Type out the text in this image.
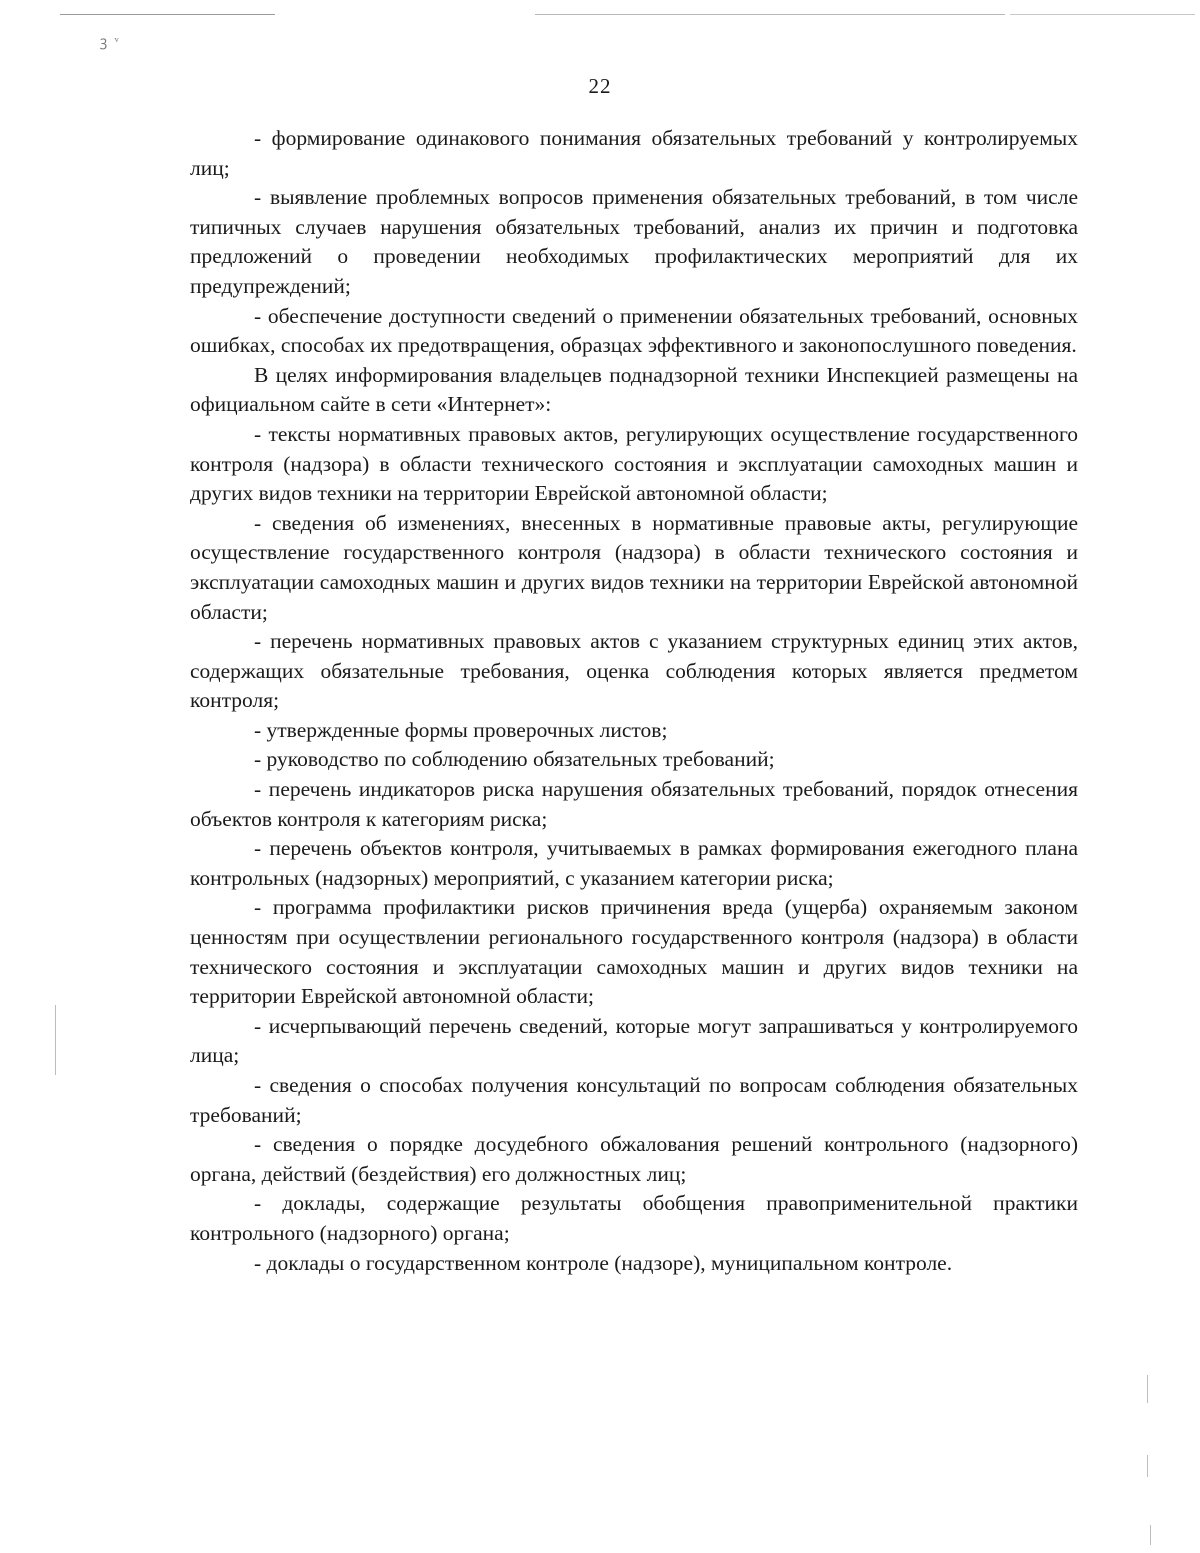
ꝫ ᵛ
22

- формирование одинакового понимания обязательных требований у контролируемых лиц;

- выявление проблемных вопросов применения обязательных требований, в том числе типичных случаев нарушения обязательных требований, анализ их причин и подготовка предложений о проведении необходимых профилактических мероприятий для их предупреждений;

- обеспечение доступности сведений о применении обязательных требований, основных ошибках, способах их предотвращения, образцах эффективного и законопослушного поведения.

В целях информирования владельцев поднадзорной техники Инспекцией размещены на официальном сайте в сети «Интернет»:

- тексты нормативных правовых актов, регулирующих осуществление государственного контроля (надзора) в области технического состояния и эксплуатации самоходных машин и других видов техники на территории Еврейской автономной области;

- сведения об изменениях, внесенных в нормативные правовые акты, регулирующие осуществление государственного контроля (надзора) в области технического состояния и эксплуатации самоходных машин и других видов техники на территории Еврейской автономной области;

- перечень нормативных правовых актов с указанием структурных единиц этих актов, содержащих обязательные требования, оценка соблюдения которых является предметом контроля;

- утвержденные формы проверочных листов;

- руководство по соблюдению обязательных требований;

- перечень индикаторов риска нарушения обязательных требований, порядок отнесения объектов контроля к категориям риска;

- перечень объектов контроля, учитываемых в рамках формирования ежегодного плана контрольных (надзорных) мероприятий, с указанием категории риска;

- программа профилактики рисков причинения вреда (ущерба) охраняемым законом ценностям при осуществлении регионального государственного контроля (надзора) в области технического состояния и эксплуатации самоходных машин и других видов техники на территории Еврейской автономной области;

- исчерпывающий перечень сведений, которые могут запрашиваться у контролируемого лица;

- сведения о способах получения консультаций по вопросам соблюдения обязательных требований;

- сведения о порядке досудебного обжалования решений контрольного (надзорного) органа, действий (бездействия) его должностных лиц;

- доклады, содержащие результаты обобщения правоприменительной практики контрольного (надзорного) органа;

- доклады о государственном контроле (надзоре), муниципальном контроле.
